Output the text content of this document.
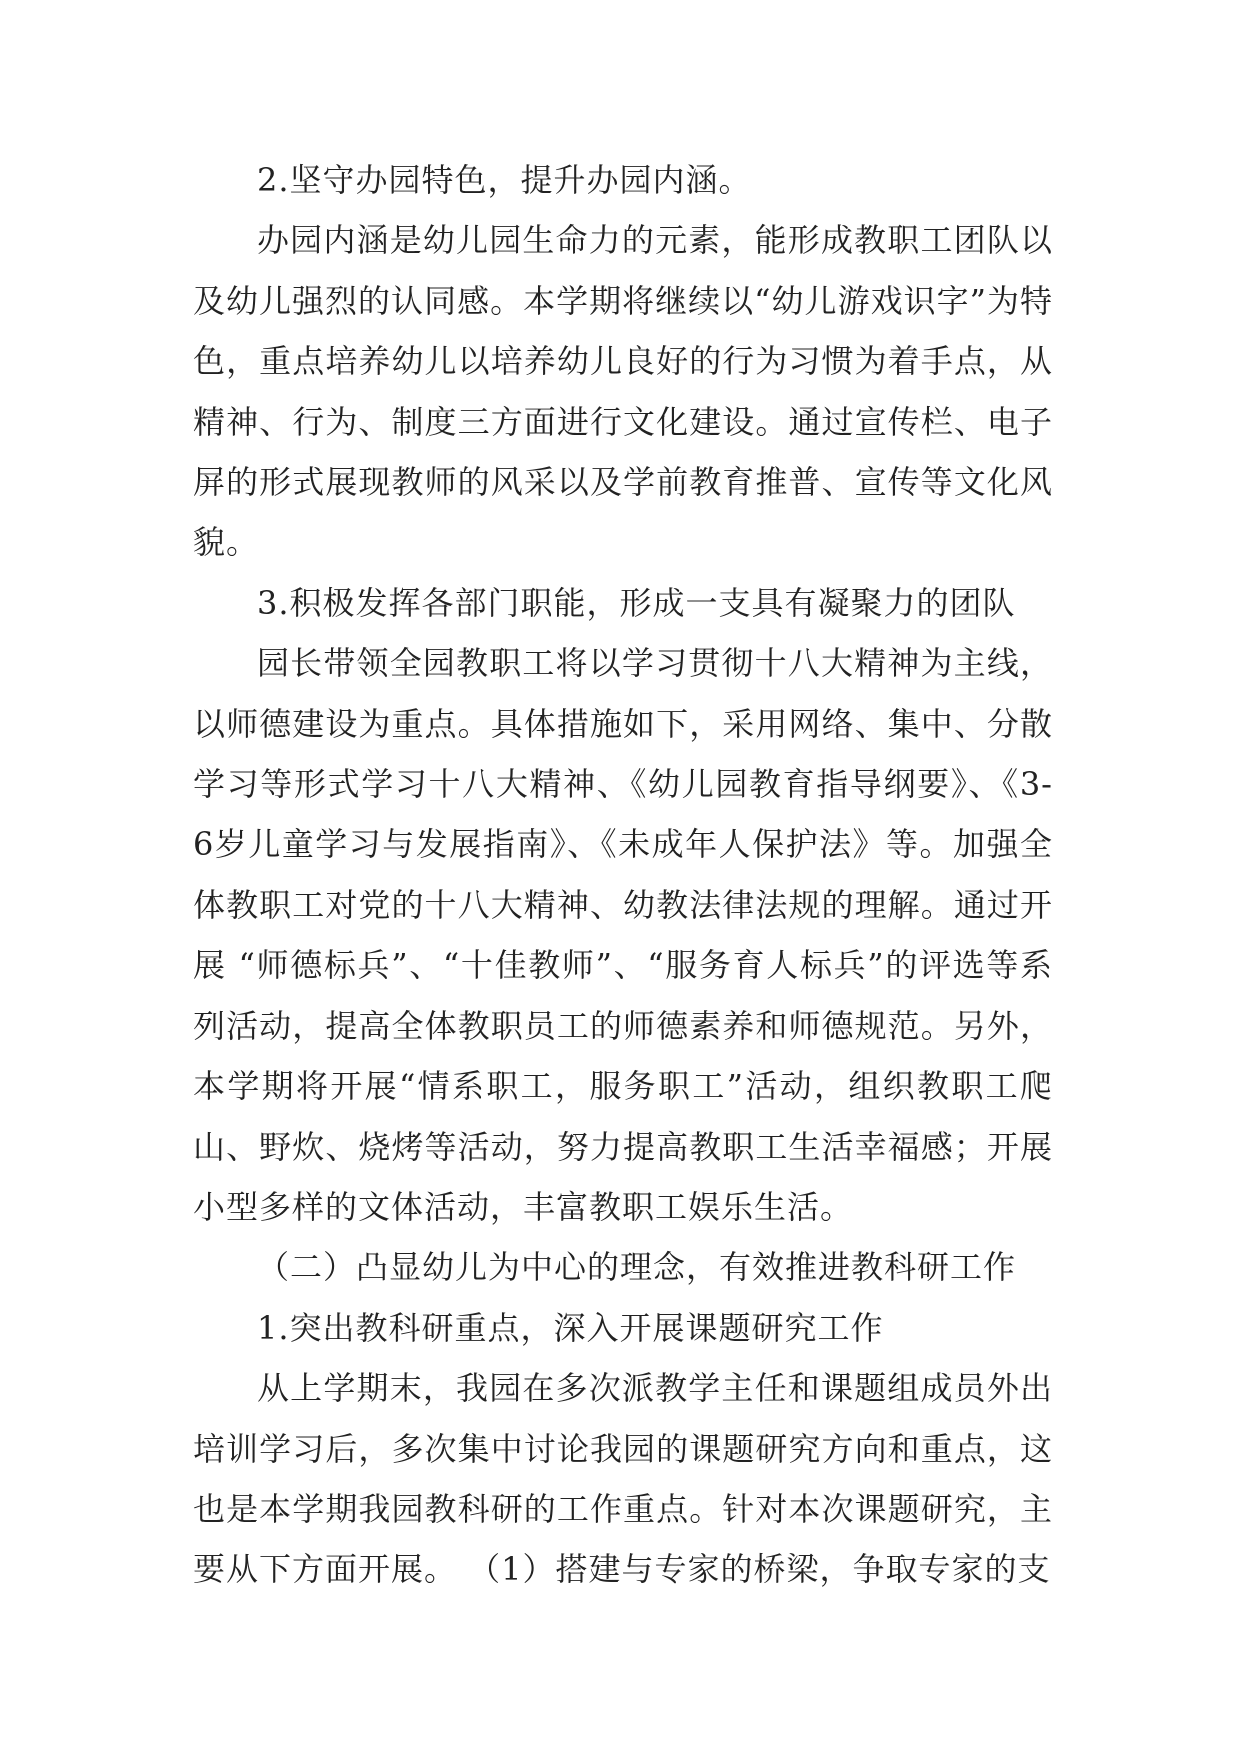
2.坚守办园特色，提升办园内涵。

办园内涵是幼儿园生命力的元素，能形成教职工团队以及幼儿强烈的认同感。本学期将继续以“幼儿游戏识字”为特色，重点培养幼儿以培养幼儿良好的行为习惯为着手点，从精神、行为、制度三方面进行文化建设。通过宣传栏、电子屏的形式展现教师的风采以及学前教育推普、宣传等文化风貌。

3.积极发挥各部门职能，形成一支具有凝聚力的团队

园长带领全园教职工将以学习贯彻十八大精神为主线，以师德建设为重点。具体措施如下，采用网络、集中、分散学习等形式学习十八大精神、《幼儿园教育指导纲要》、《3-6岁儿童学习与发展指南》、《未成年人保护法》等。加强全体教职工对党的十八大精神、幼教法律法规的理解。通过开展 “师德标兵”、“十佳教师”、“服务育人标兵”的评选等系列活动，提高全体教职员工的师德素养和师德规范。另外，本学期将开展“情系职工，服务职工”活动，组织教职工爬山、野炊、烧烤等活动，努力提高教职工生活幸福感；开展小型多样的文体活动，丰富教职工娱乐生活。

（二）凸显幼儿为中心的理念，有效推进教科研工作

1.突出教科研重点，深入开展课题研究工作

从上学期末，我园在多次派教学主任和课题组成员外出培训学习后，多次集中讨论我园的课题研究方向和重点，这也是本学期我园教科研的工作重点。针对本次课题研究，主要从下方面开展。 （1）搭建与专家的桥梁，争取专家的支
